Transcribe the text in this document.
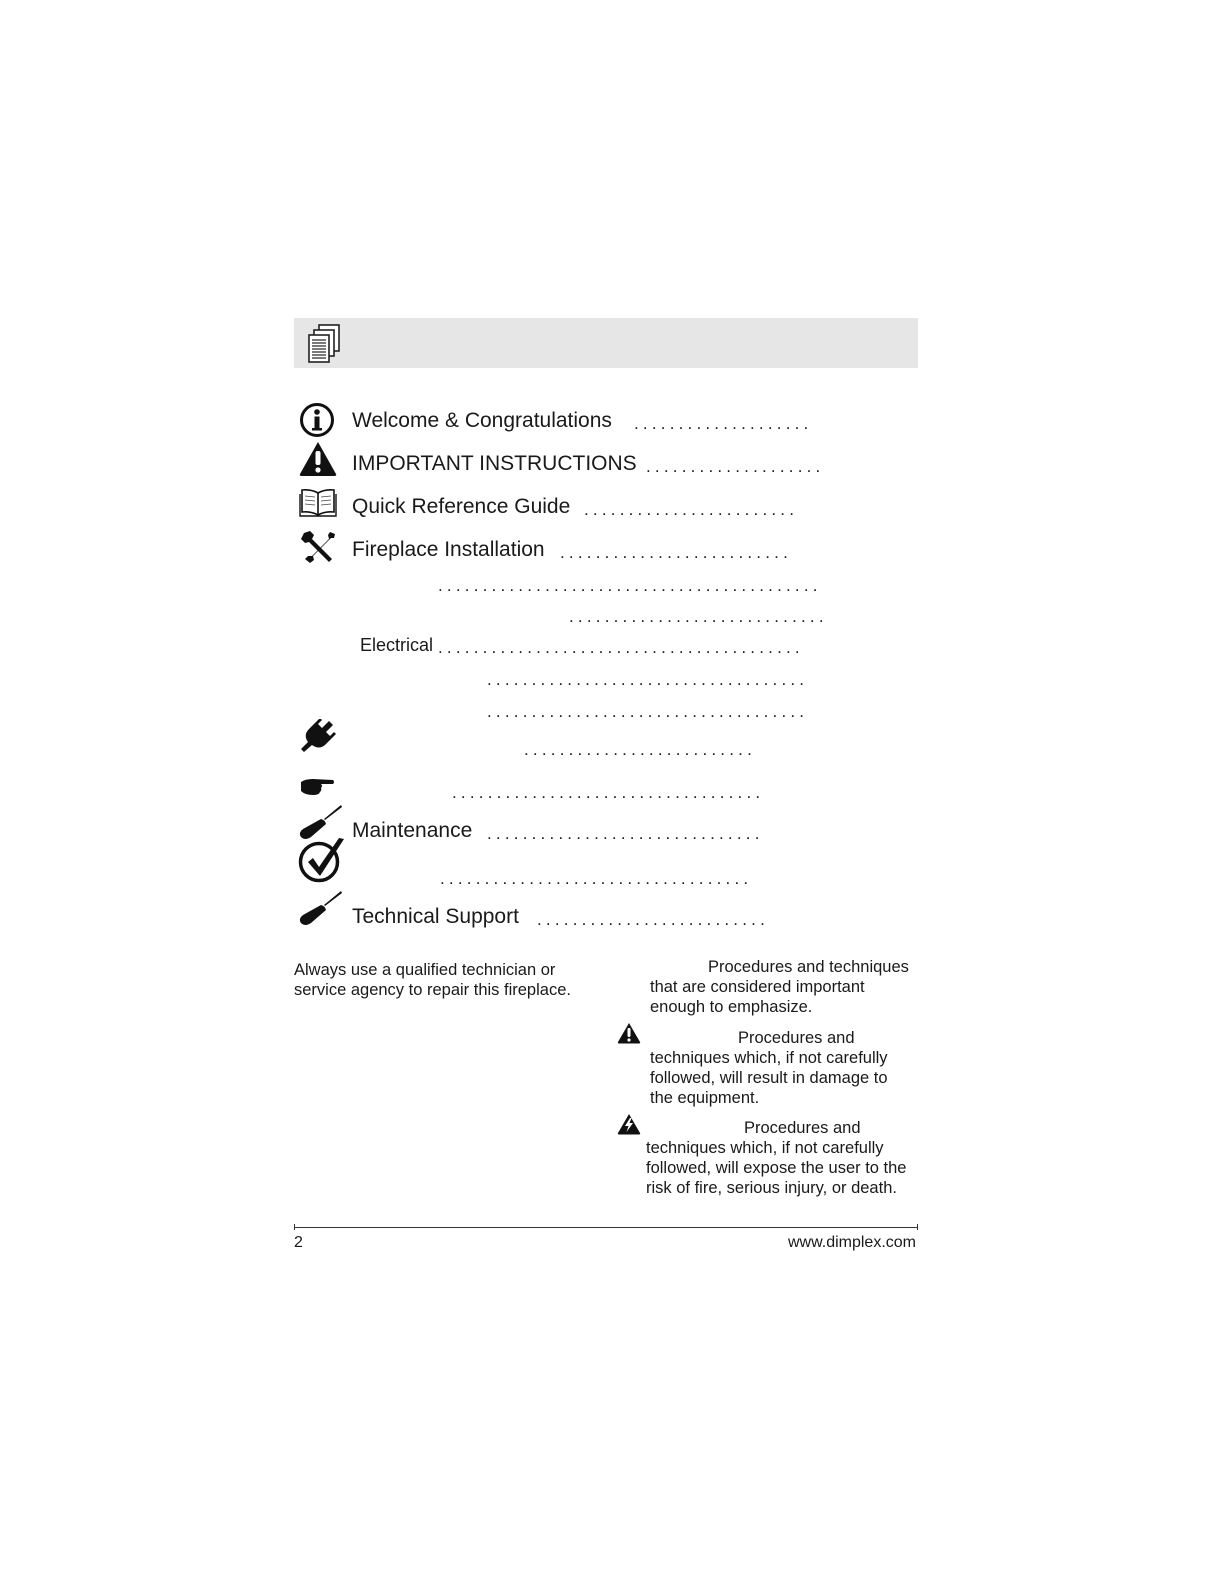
Welcome & Congratulations ....................
IMPORTANT INSTRUCTIONS ....................
Quick Reference Guide ........................
Fireplace Installation ..........................
...........................................
.............................
Electrical .........................................
....................................
....................................
..........................
...................................
Maintenance ...............................
...................................
Technical Support ..........................
Always use a qualified technician or service agency to repair this fireplace.
Procedures and techniques
that are considered important enough to emphasize.
Procedures and
techniques which, if not carefully followed, will result in damage to the equipment.
Procedures and
techniques which, if not carefully followed, will expose the user to the risk of fire, serious injury, or death.
2	www.dimplex.com
